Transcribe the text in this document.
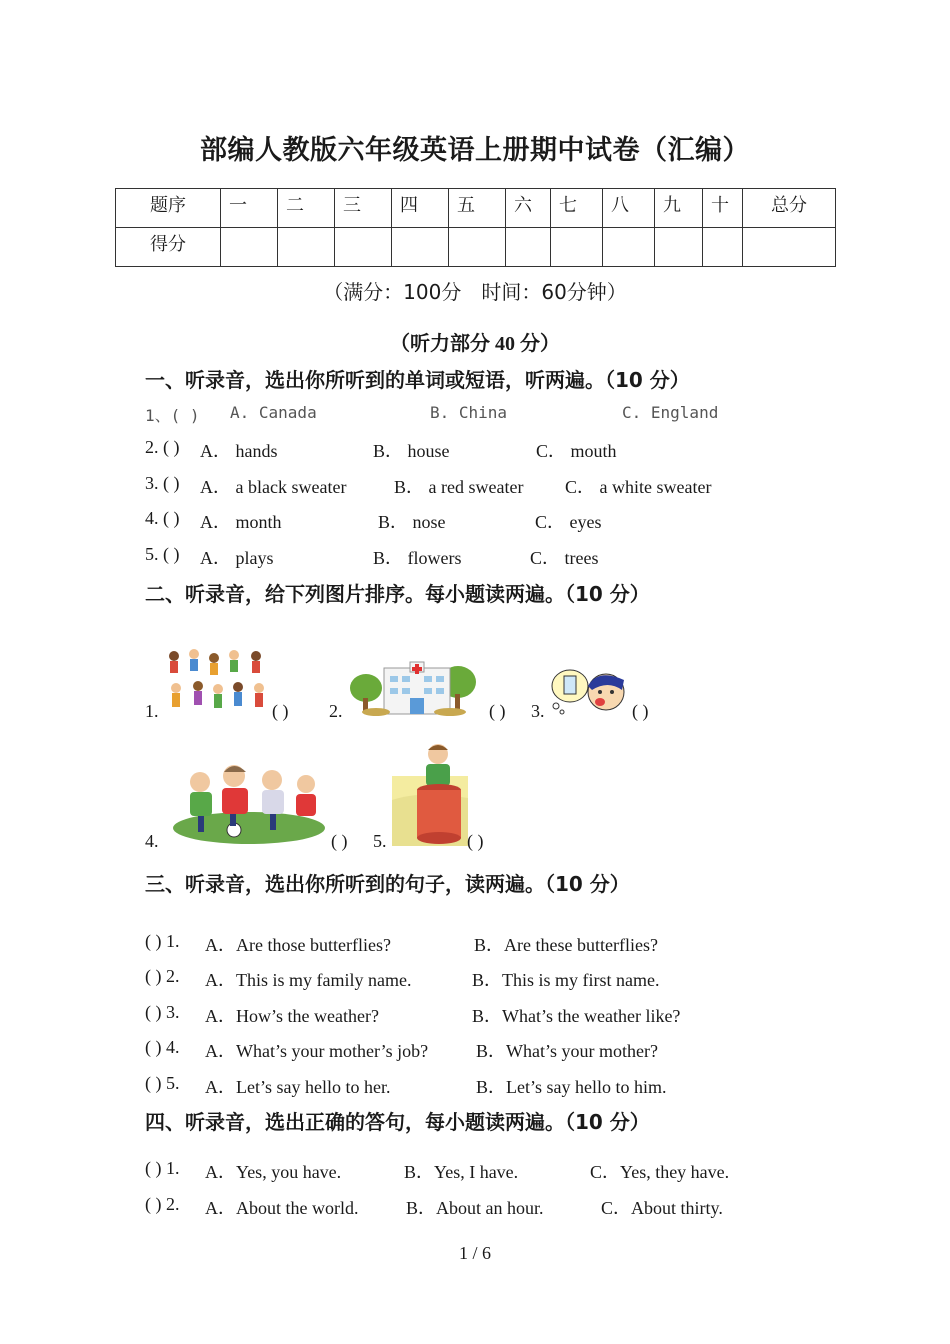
部编人教版六年级英语上册期中试卷（汇编）
题序	一	二	三	四	五	六	七	八	九	十	总分
得分											
（满分：100分　时间：60分钟）
（听力部分 40 分）
一、听录音，选出你所听到的单词或短语，听两遍。（10 分）
1、( ) A. Canada	B. China	C. England
2. ( ) A． hands	B． house	C． mouth
3. ( ) A． a black sweater	B． a red sweater C． a white sweater
4. ( ) A． month	B． nose	C． eyes
5. ( ) A． plays	B． flowers	C． trees
二、听录音，给下列图片排序。每小题读两遍。（10 分）
1.	( ) 2.	( ) 3.	( )
4.	( ) 5.	( )
三、听录音，选出你所听到的句子，读两遍。（10 分）
( ) 1. A．Are those butterflies?	B．Are these butterflies?
( ) 2. A．This is my family name.	B．This is my first name.
( ) 3. A．How’s the weather?	B．What’s the weather like?
( ) 4. A．What’s your mother’s job?	B．What’s your mother?
( ) 5. A．Let’s say hello to her.	B．Let’s say hello to him.
四、听录音，选出正确的答句，每小题读两遍。（10 分）
( ) 1. A．Yes, you have.	B．Yes, I have.	C．Yes, they have.
( ) 2. A．About the world.	B．About an hour.	C．About thirty.
1 / 6
